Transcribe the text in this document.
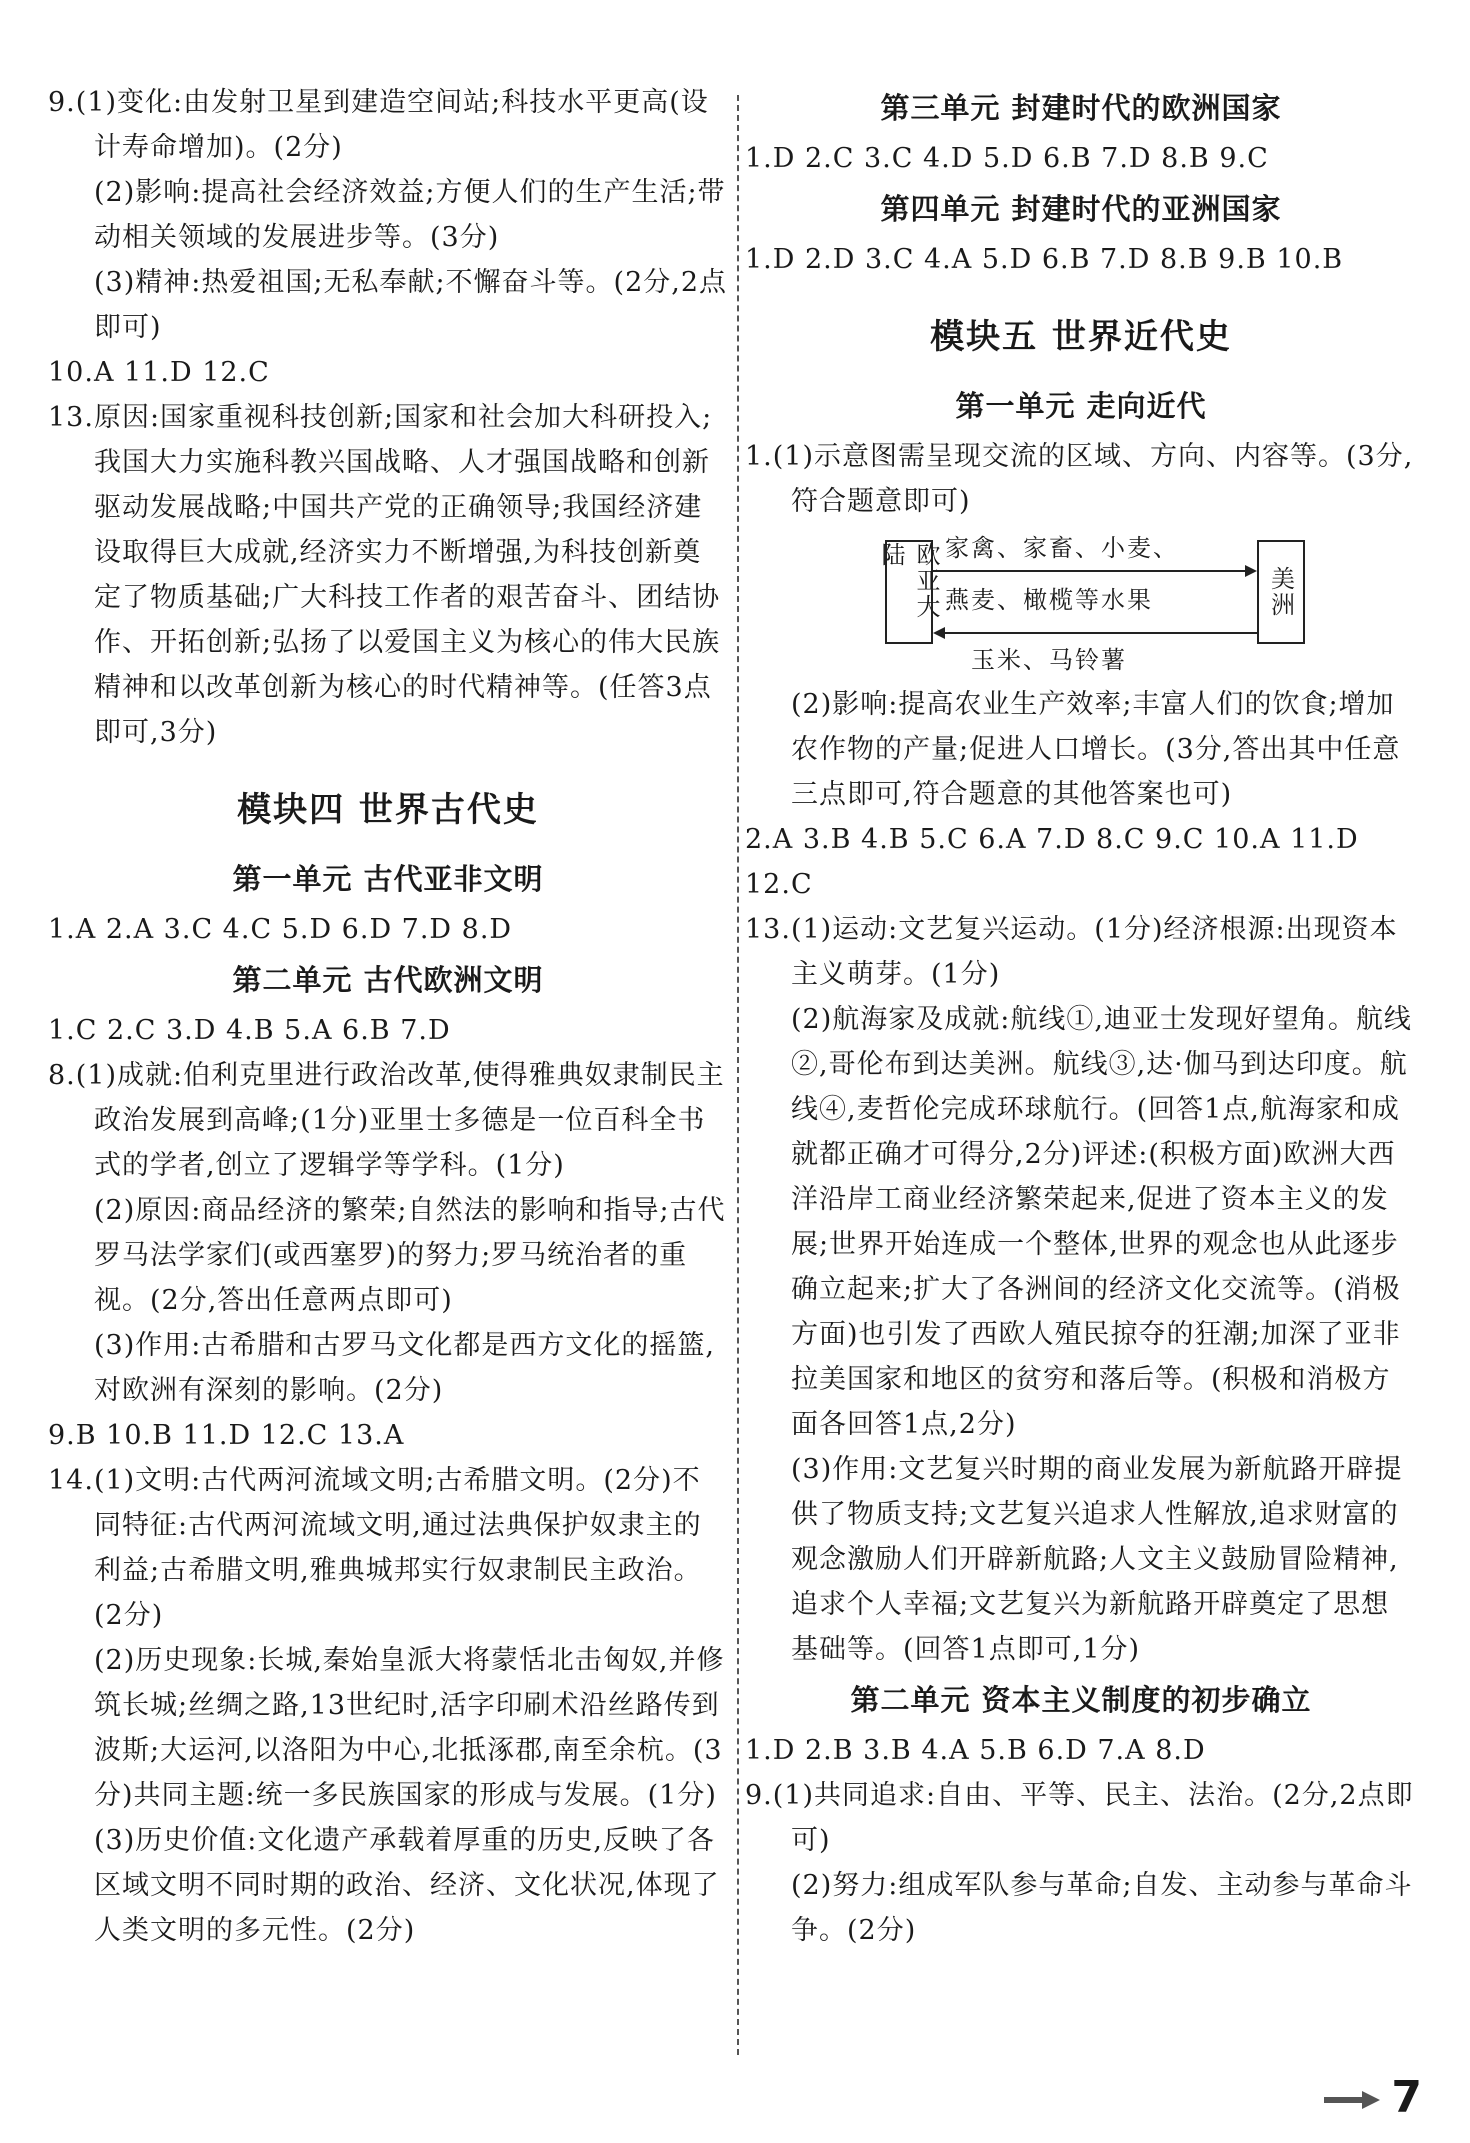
9.(1)变化:由发射卫星到建造空间站;科技水平更高(设计寿命增加)。(2分)
(2)影响:提高社会经济效益;方便人们的生产生活;带动相关领域的发展进步等。(3分)
(3)精神:热爱祖国;无私奉献;不懈奋斗等。(2分,2点即可)
10.A 11.D 12.C
13.原因:国家重视科技创新;国家和社会加大科研投入;我国大力实施科教兴国战略、人才强国战略和创新驱动发展战略;中国共产党的正确领导;我国经济建设取得巨大成就,经济实力不断增强,为科技创新奠定了物质基础;广大科技工作者的艰苦奋斗、团结协作、开拓创新;弘扬了以爱国主义为核心的伟大民族精神和以改革创新为核心的时代精神等。(任答3点即可,3分)
模块四 世界古代史
第一单元 古代亚非文明
1.A 2.A 3.C 4.C 5.D 6.D 7.D 8.D
第二单元 古代欧洲文明
1.C 2.C 3.D 4.B 5.A 6.B 7.D
8.(1)成就:伯利克里进行政治改革,使得雅典奴隶制民主政治发展到高峰;(1分)亚里士多德是一位百科全书式的学者,创立了逻辑学等学科。(1分)
(2)原因:商品经济的繁荣;自然法的影响和指导;古代罗马法学家们(或西塞罗)的努力;罗马统治者的重视。(2分,答出任意两点即可)
(3)作用:古希腊和古罗马文化都是西方文化的摇篮,对欧洲有深刻的影响。(2分)
9.B 10.B 11.D 12.C 13.A
14.(1)文明:古代两河流域文明;古希腊文明。(2分)不同特征:古代两河流域文明,通过法典保护奴隶主的利益;古希腊文明,雅典城邦实行奴隶制民主政治。(2分)
(2)历史现象:长城,秦始皇派大将蒙恬北击匈奴,并修筑长城;丝绸之路,13世纪时,活字印刷术沿丝路传到波斯;大运河,以洛阳为中心,北抵涿郡,南至余杭。(3分)共同主题:统一多民族国家的形成与发展。(1分)
(3)历史价值:文化遗产承载着厚重的历史,反映了各区域文明不同时期的政治、经济、文化状况,体现了人类文明的多元性。(2分)
第三单元 封建时代的欧洲国家
1.D 2.C 3.C 4.D 5.D 6.B 7.D 8.B 9.C
第四单元 封建时代的亚洲国家
1.D 2.D 3.C 4.A 5.D 6.B 7.D 8.B 9.B 10.B
模块五 世界近代史
第一单元 走向近代
1.(1)示意图需呈现交流的区域、方向、内容等。(3分,符合题意即可)
欧亚大陆
美洲
家禽、家畜、小麦、
燕麦、橄榄等水果
玉米、马铃薯
(2)影响:提高农业生产效率;丰富人们的饮食;增加农作物的产量;促进人口增长。(3分,答出其中任意三点即可,符合题意的其他答案也可)
2.A 3.B 4.B 5.C 6.A 7.D 8.C 9.C 10.A 11.D 12.C
13.(1)运动:文艺复兴运动。(1分)经济根源:出现资本主义萌芽。(1分)
(2)航海家及成就:航线①,迪亚士发现好望角。航线②,哥伦布到达美洲。航线③,达·伽马到达印度。航线④,麦哲伦完成环球航行。(回答1点,航海家和成就都正确才可得分,2分)评述:(积极方面)欧洲大西洋沿岸工商业经济繁荣起来,促进了资本主义的发展;世界开始连成一个整体,世界的观念也从此逐步确立起来;扩大了各洲间的经济文化交流等。(消极方面)也引发了西欧人殖民掠夺的狂潮;加深了亚非拉美国家和地区的贫穷和落后等。(积极和消极方面各回答1点,2分)
(3)作用:文艺复兴时期的商业发展为新航路开辟提供了物质支持;文艺复兴追求人性解放,追求财富的观念激励人们开辟新航路;人文主义鼓励冒险精神,追求个人幸福;文艺复兴为新航路开辟奠定了思想基础等。(回答1点即可,1分)
第二单元 资本主义制度的初步确立
1.D 2.B 3.B 4.A 5.B 6.D 7.A 8.D
9.(1)共同追求:自由、平等、民主、法治。(2分,2点即可)
(2)努力:组成军队参与革命;自发、主动参与革命斗争。(2分)
7
